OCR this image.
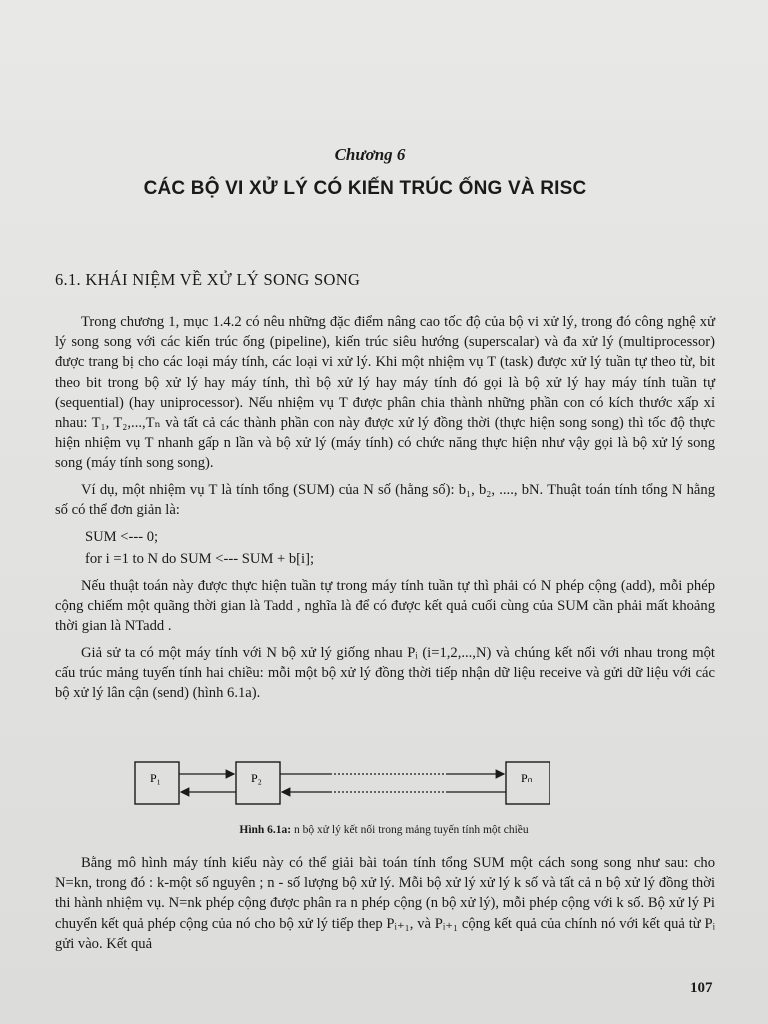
Chương 6
CÁC BỘ VI XỬ LÝ CÓ KIẾN TRÚC ỐNG VÀ RISC
6.1. KHÁI NIỆM VỀ XỬ LÝ SONG SONG

Trong chương 1, mục 1.4.2 có nêu những đặc điểm nâng cao tốc độ của bộ vi xử lý, trong đó công nghệ xử lý song song với các kiến trúc ống (pipeline), kiến trúc siêu hướng (superscalar) và đa xử lý (multiprocessor) được trang bị cho các loại máy tính, các loại vi xử lý. Khi một nhiệm vụ T (task) được xử lý tuần tự theo từ, bit theo bit trong bộ xử lý hay máy tính, thì bộ xử lý hay máy tính đó gọi là bộ xử lý hay máy tính tuần tự (sequential) (hay uniprocessor). Nếu nhiệm vụ T được phân chia thành những phần con có kích thước xấp xỉ nhau: T₁, T₂,...,Tₙ và tất cả các thành phần con này được xử lý đồng thời (thực hiện song song) thì tốc độ thực hiện nhiệm vụ T nhanh gấp n lần và bộ xử lý (máy tính) có chức năng thực hiện như vậy gọi là bộ xử lý song song (máy tính song song).

Ví dụ, một nhiệm vụ T là tính tổng (SUM) của N số (hằng số): b₁, b₂, ...., bN. Thuật toán tính tổng N hằng số có thể đơn giản là:

SUM <--- 0;
for i =1 to N do SUM <--- SUM + b[i];

Nếu thuật toán này được thực hiện tuần tự trong máy tính tuần tự thì phải có N phép cộng (add), mỗi phép cộng chiếm một quãng thời gian là Tadd , nghĩa là để có được kết quả cuối cùng của SUM cần phải mất khoảng thời gian là NTadd .

Giả sử ta có một máy tính với N bộ xử lý giống nhau Pᵢ (i=1,2,...,N) và chúng kết nối với nhau trong một cấu trúc mảng tuyến tính hai chiều: mỗi một bộ xử lý đồng thời tiếp nhận dữ liệu receive và gửi dữ liệu với các bộ xử lý lân cận (send) (hình 6.1a).

P₁	P₂	Pₙ
Hình 6.1a: n bộ xử lý kết nối trong mảng tuyến tính một chiều

Bằng mô hình máy tính kiểu này có thể giải bài toán tính tổng SUM một cách song song như sau: cho N=kn, trong đó : k-một số nguyên ; n - số lượng bộ xử lý. Mỗi bộ xử lý xử lý k số và tất cả n bộ xử lý đồng thời thi hành nhiệm vụ. N=nk phép cộng được phân ra n phép cộng (n bộ xử lý), mỗi phép cộng với k số. Bộ xử lý Pi chuyển kết quả phép cộng của nó cho bộ xử lý tiếp thep Pᵢ₊₁, và Pᵢ₊₁ cộng kết quả của chính nó với kết quả từ Pᵢ gửi vào. Kết quả

107
